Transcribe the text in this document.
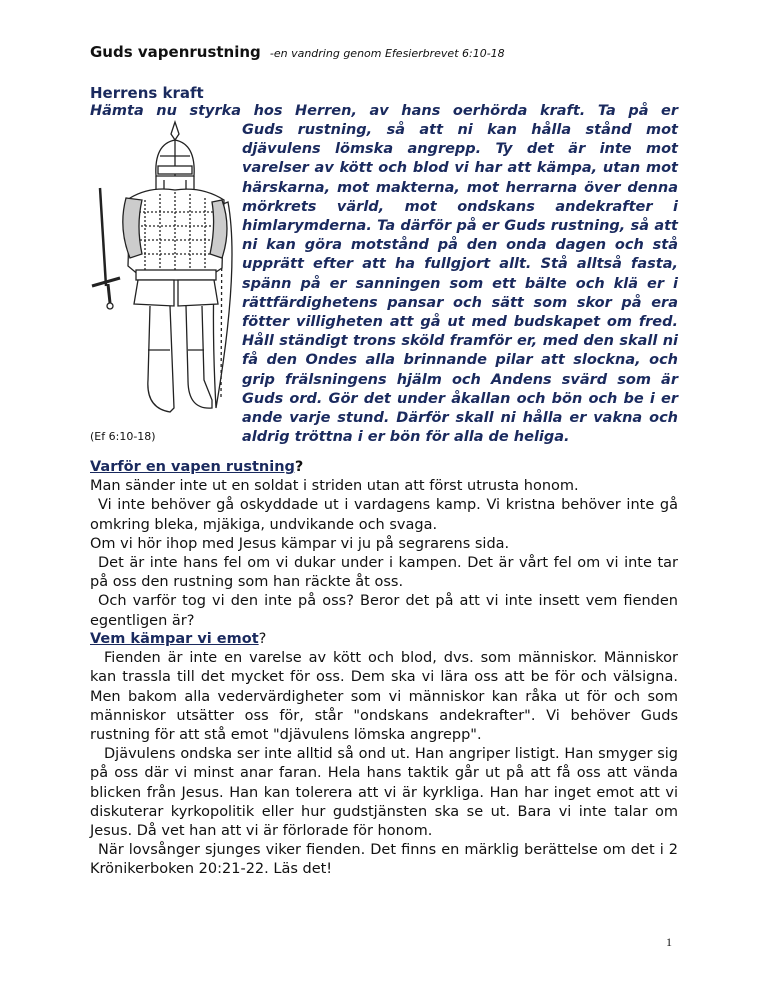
Guds vapenrustning -en vandring genom Efesierbrevet 6:10-18
Herrens kraft
Hämta nu styrka hos Herren, av hans oerhörda kraft. Ta på er
Guds rustning, så att ni kan hålla stånd mot djävulens lömska angrepp. Ty det är inte mot varelser av kött och blod vi har att kämpa, utan mot härskarna, mot makterna, mot herrarna över denna mörkrets värld, mot ondskans andekrafter i himlarymderna. Ta därför på er Guds rustning, så att ni kan göra motstånd på den onda dagen och stå upprätt efter att ha fullgjort allt. Stå alltså fasta, spänn på er sanningen som ett bälte och klä er i rättfärdighetens pansar och sätt som skor på era fötter villigheten att gå ut med budskapet om fred. Håll ständigt trons sköld framför er, med den skall ni få den Ondes alla brinnande pilar att slockna, och grip frälsningens hjälm och Andens svärd som är Guds ord. Gör det under åkallan och bön och be i er ande varje stund. Därför skall ni hålla er vakna och aldrig tröttna i er bön för alla de heliga.
(Ef 6:10-18)

Varför en vapen rustning?

Man sänder inte ut en soldat i striden utan att först utrusta honom.

Vi inte behöver gå oskyddade ut i vardagens kamp. Vi kristna behöver inte gå omkring bleka, mjäkiga, undvikande och svaga.

Om vi hör ihop med Jesus kämpar vi ju på segrarens sida.

Det är inte hans fel om vi dukar under i kampen. Det är vårt fel om vi inte tar på oss den rustning som han räckte åt oss.

Och varför tog vi den inte på oss? Beror det på att vi inte insett vem fienden egentligen är?

Vem kämpar vi emot?

Fienden är inte en varelse av kött och blod, dvs. som människor. Människor kan trassla till det mycket för oss. Dem ska vi lära oss att be för och välsigna. Men bakom alla vedervärdigheter som vi människor kan råka ut för och som människor utsätter oss för, står "ondskans andekrafter". Vi behöver Guds rustning för att stå emot "djävulens lömska angrepp".

Djävulens ondska ser inte alltid så ond ut. Han angriper listigt. Han smyger sig på oss där vi minst anar faran. Hela hans taktik går ut på att få oss att vända blicken från Jesus. Han kan tolerera att vi är kyrkliga. Han har inget emot att vi diskuterar kyrkopolitik eller hur gudstjänsten ska se ut. Bara vi inte talar om Jesus. Då vet han att vi är förlorade för honom.

När lovsånger sjunges viker fienden. Det finns en märklig berättelse om det i 2 Krönikerboken 20:21-22. Läs det!

1
